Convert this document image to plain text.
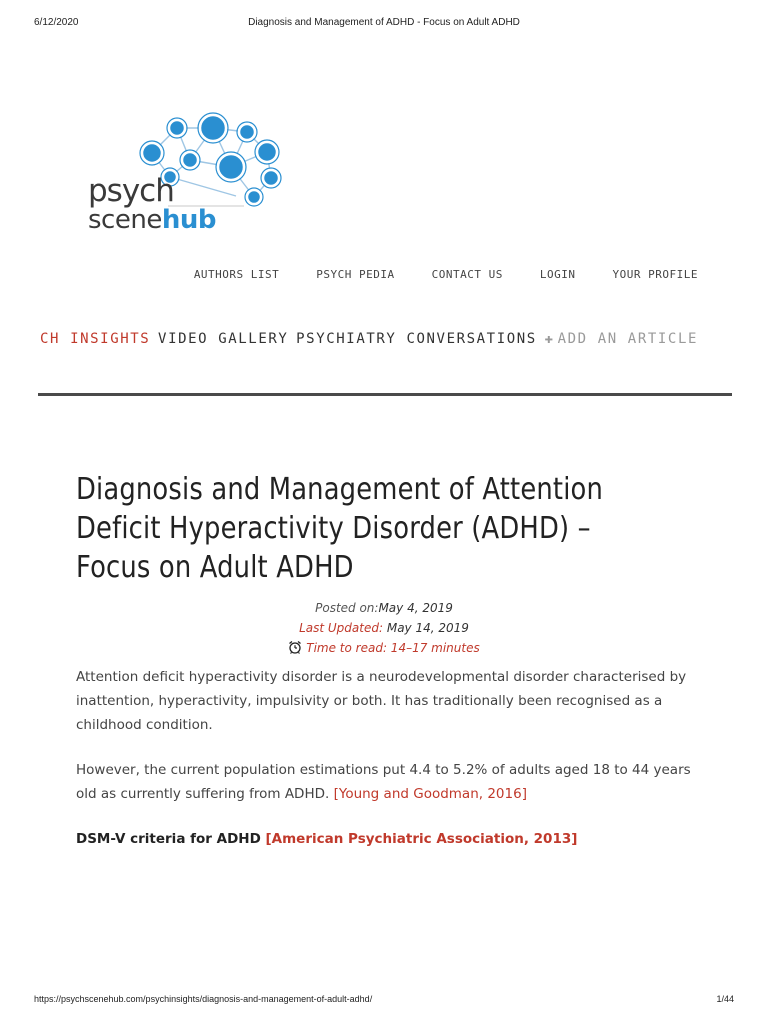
6/12/2020	Diagnosis and Management of ADHD - Focus on Adult ADHD
psych
scenehub
AUTHORS LIST	PSYCH PEDIA	CONTACT US	LOGIN	YOUR PROFILE
CH INSIGHTS VIDEO GALLERY PSYCHIATRY CONVERSATIONS ✚ ADD AN ARTICLE
Diagnosis and Management of Attention Deficit Hyperactivity Disorder (ADHD) – Focus on Adult ADHD
Posted on:May 4, 2019
Last Updated: May 14, 2019
Time to read: 14–17 minutes

Attention deficit hyperactivity disorder is a neurodevelopmental disorder characterised by inattention, hyperactivity, impulsivity or both. It has traditionally been recognised as a childhood condition.

However, the current population estimations put 4.4 to 5.2% of adults aged 18 to 44 years old as currently suffering from ADHD. [Young and Goodman, 2016]

DSM-V criteria for ADHD [American Psychiatric Association, 2013]

https://psychscenehub.com/psychinsights/diagnosis-and-management-of-adult-adhd/	1/44
